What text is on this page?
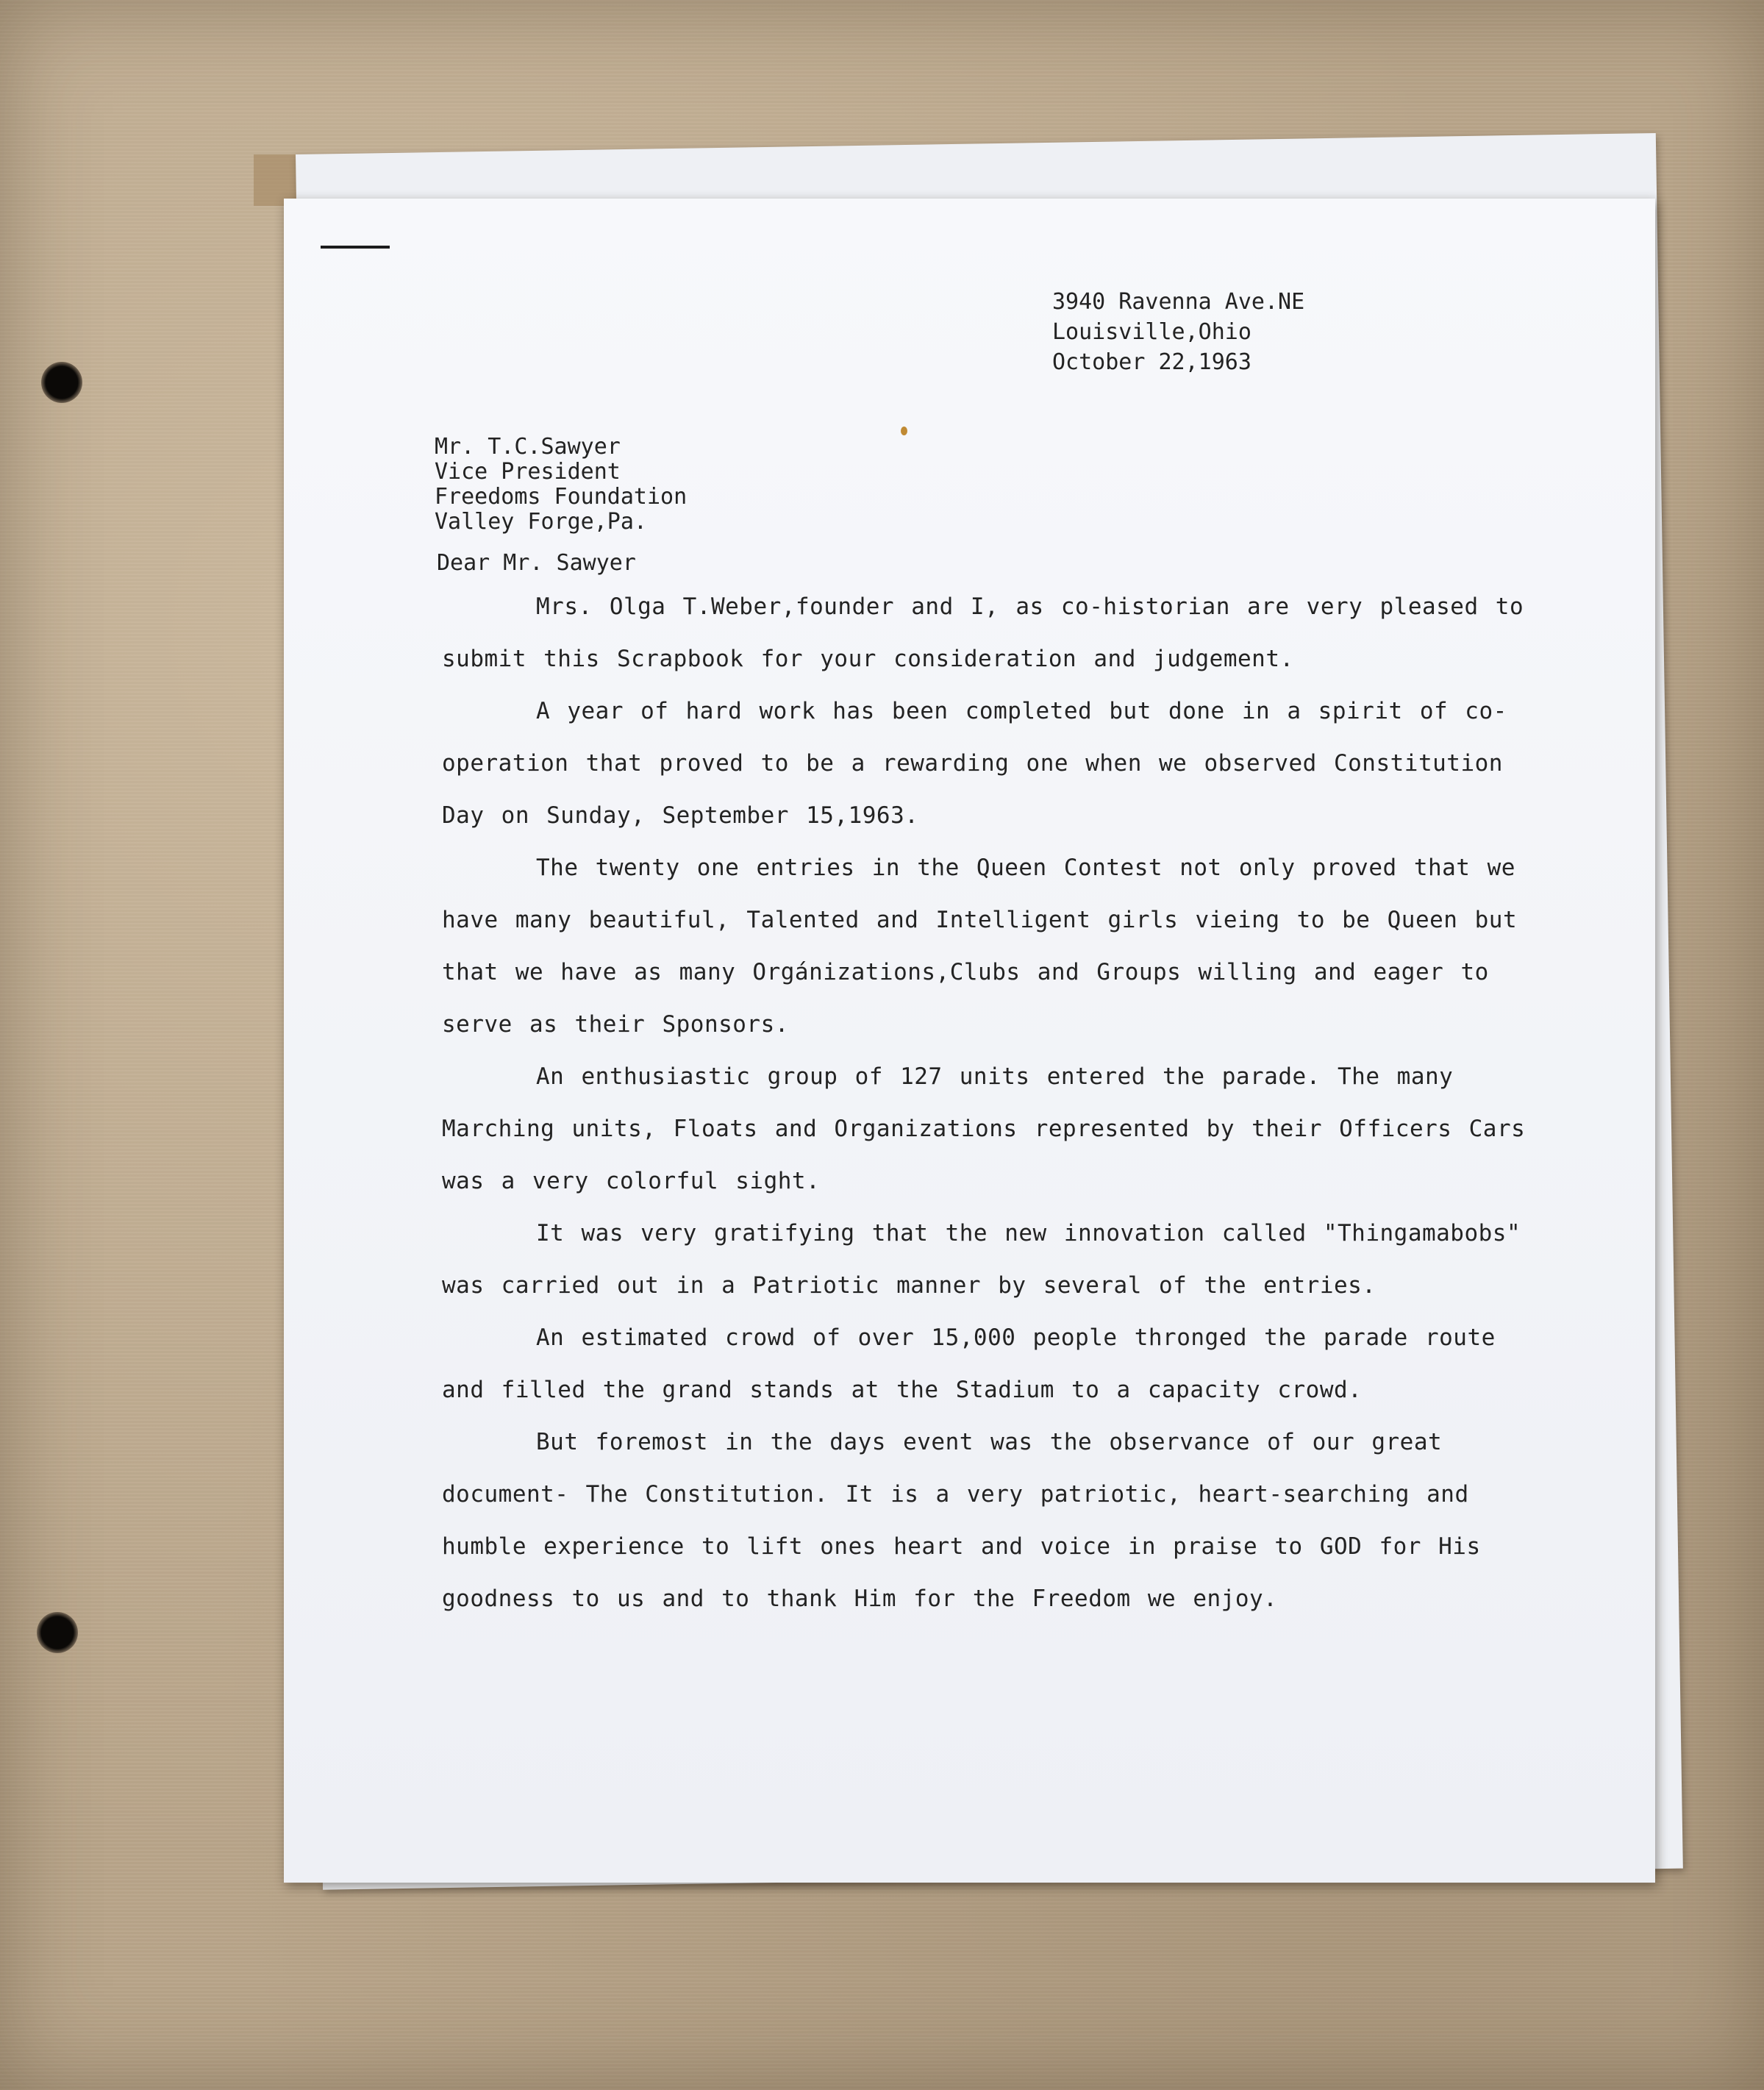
3940 Ravenna Ave.NE

Louisville,Ohio

October 22,1963

Mr. T.C.Sawyer

Vice President

Freedoms Foundation

Valley Forge,Pa.

Dear Mr. Sawyer

Mrs. Olga T.Weber,founder and I, as co-historian are very pleased to submit this Scrapbook for your consideration and judgement.

A year of hard work has been completed but done in a spirit of co-operation that proved to be a rewarding one when we observed Constitution Day on Sunday, September 15,1963.

The twenty one entries in the Queen Contest not only proved that we have many beautiful, Talented and Intelligent girls vieing to be Queen but that we have as many Orgánizations,Clubs and Groups willing and eager to serve as their Sponsors.

An enthusiastic group of 127 units entered the parade. The many Marching units, Floats and Organizations represented by their Officers Cars was a very colorful sight.

It was very gratifying that the new innovation called "Thingamabobs" was carried out in a Patriotic manner by several of the entries.

An estimated crowd of over 15,000 people thronged the parade route and filled the grand stands at the Stadium to a capacity crowd.

But foremost in the days event was the observance of our great document- The Constitution. It is a very patriotic, heart-searching and humble experience to lift ones heart and voice in praise to GOD for His goodness to us and to thank Him for the Freedom we enjoy.
